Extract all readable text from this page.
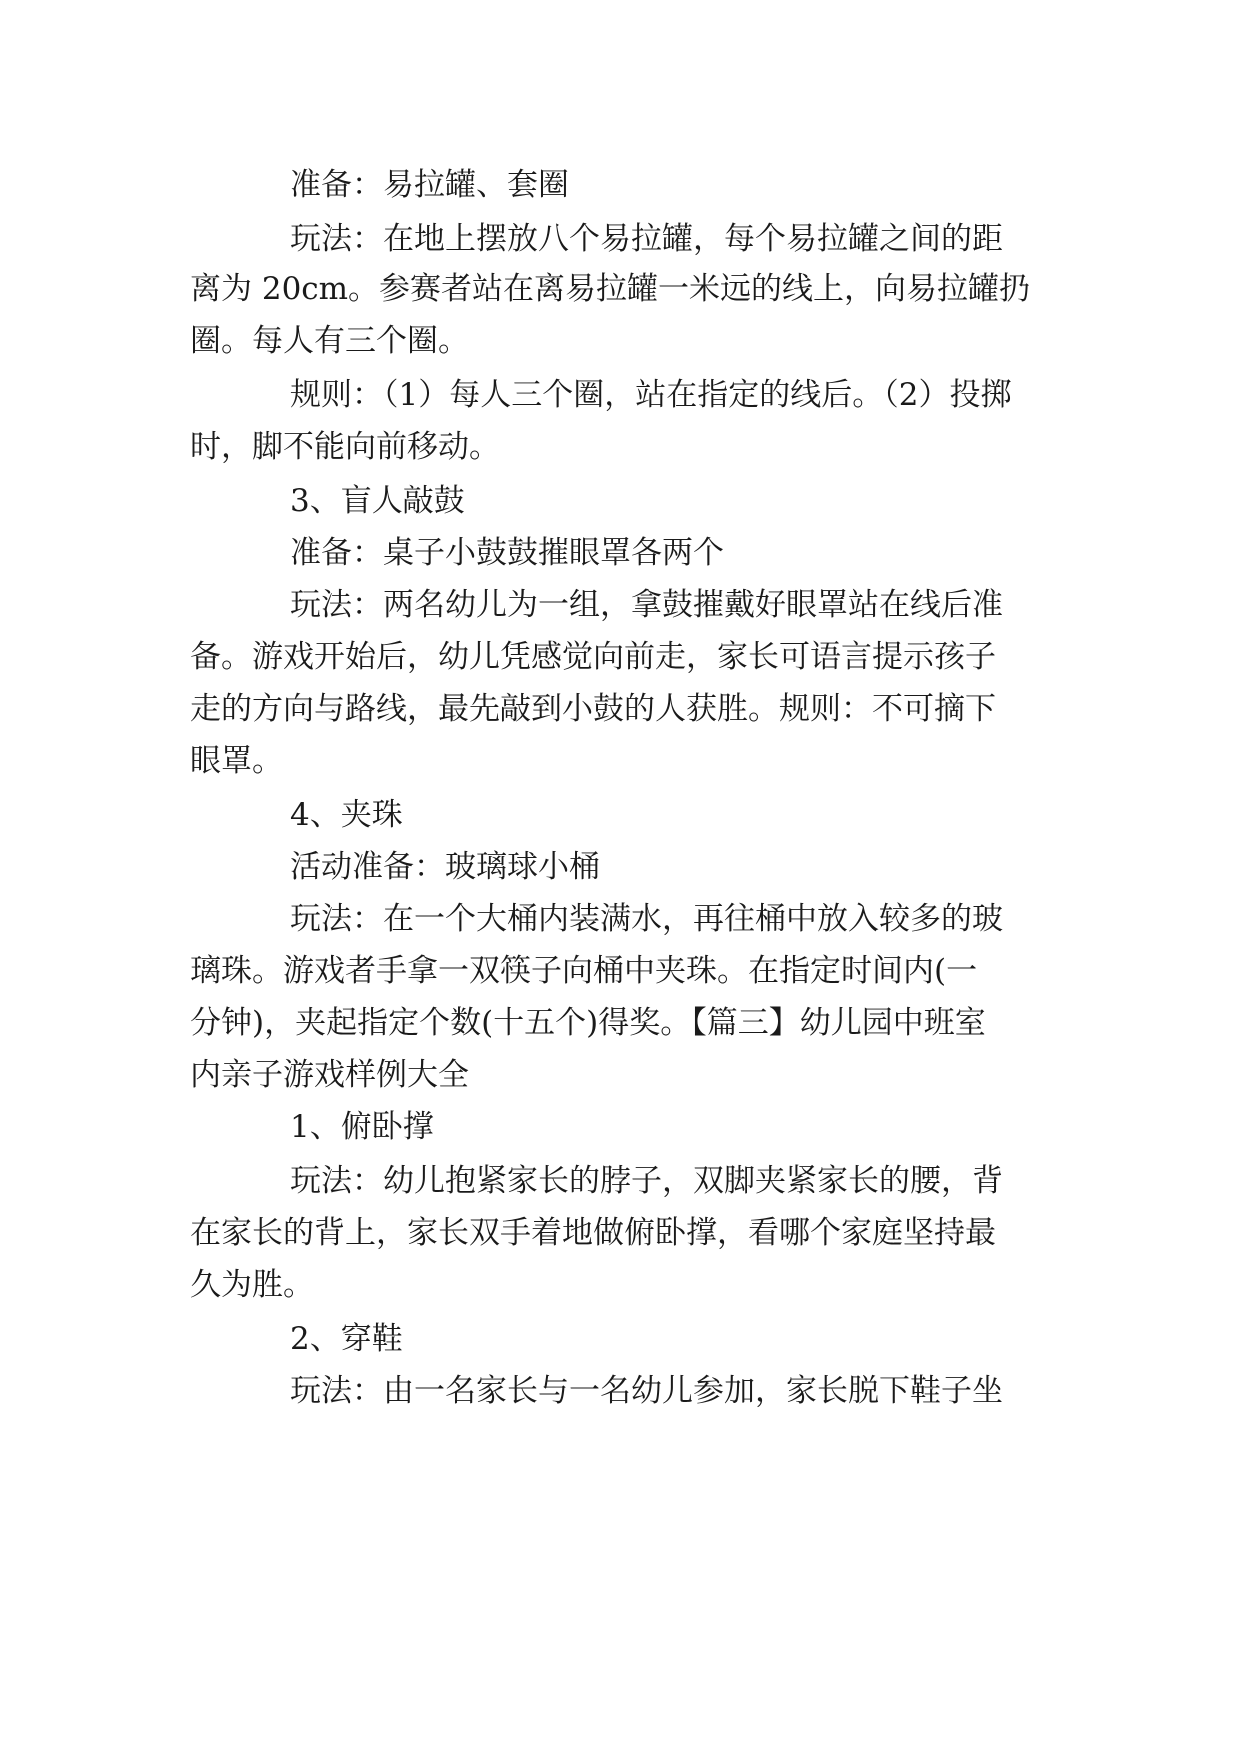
准备：易拉罐、套圈
玩法：在地上摆放八个易拉罐，每个易拉罐之间的距
离为 20cm。参赛者站在离易拉罐一米远的线上，向易拉罐扔
圈。每人有三个圈。
规则：（1）每人三个圈，站在指定的线后。（2）投掷
时，脚不能向前移动。
3、盲人敲鼓
准备：桌子小鼓鼓摧眼罩各两个
玩法：两名幼儿为一组，拿鼓摧戴好眼罩站在线后准
备。游戏开始后，幼儿凭感觉向前走，家长可语言提示孩子
走的方向与路线，最先敲到小鼓的人获胜。规则：不可摘下
眼罩。
4、夹珠
活动准备：玻璃球小桶
玩法：在一个大桶内装满水，再往桶中放入较多的玻
璃珠。游戏者手拿一双筷子向桶中夹珠。在指定时间内(一
分钟)，夹起指定个数(十五个)得奖。【篇三】幼儿园中班室
内亲子游戏样例大全
1、俯卧撑
玩法：幼儿抱紧家长的脖子，双脚夹紧家长的腰，背
在家长的背上，家长双手着地做俯卧撑，看哪个家庭坚持最
久为胜。
2、穿鞋
玩法：由一名家长与一名幼儿参加，家长脱下鞋子坐
